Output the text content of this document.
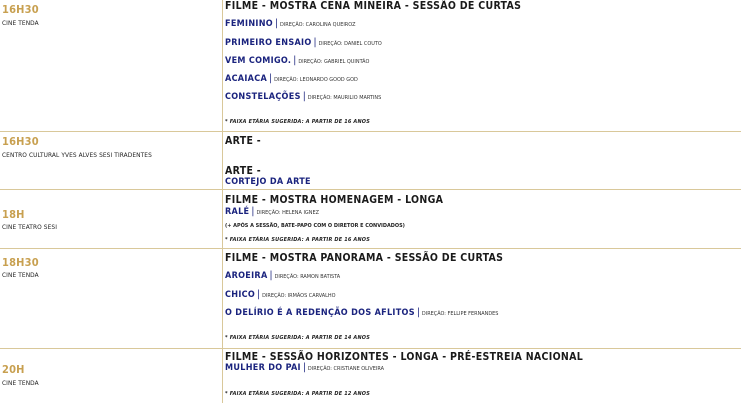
16H30
CINE TENDA
FILME - MOSTRA CENA MINEIRA - SESSÃO DE CURTAS
FEMININO | DIREÇÃO: CAROLINA QUEIROZ
PRIMEIRO ENSAIO | DIREÇÃO: DANIEL COUTO
VEM COMIGO. | DIREÇÃO: GABRIEL QUINTÃO
ACAIACA | DIREÇÃO: LEONARDO GOOD GOD
CONSTELAÇÕES | DIREÇÃO: MAURILIO MARTINS
* FAIXA ETÁRIA SUGERIDA: A PARTIR DE 16 ANOS
16H30
CENTRO CULTURAL YVES ALVES SESI TIRADENTES
ARTE -
ARTE -
CORTEJO DA ARTE
18H
CINE TEATRO SESI
FILME - MOSTRA HOMENAGEM - LONGA
RALÉ | DIREÇÃO: HELENA IGNEZ
(+ APÓS A SESSÃO, BATE-PAPO COM O DIRETOR E CONVIDADOS)
* FAIXA ETÁRIA SUGERIDA: A PARTIR DE 16 ANOS
18H30
CINE TENDA
FILME - MOSTRA PANORAMA - SESSÃO DE CURTAS
AROEIRA | DIREÇÃO: RAMON BATISTA
CHICO | DIREÇÃO: IRMÃOS CARVALHO
O DELÍRIO É A REDENÇÃO DOS AFLITOS | DIREÇÃO: FELLIPE FERNANDES
* FAIXA ETÁRIA SUGERIDA: A PARTIR DE 14 ANOS
20H
CINE TENDA
FILME - SESSÃO HORIZONTES - LONGA - PRÉ-ESTREIA NACIONAL
MULHER DO PAI | DIREÇÃO: CRISTIANE OLIVEIRA
* FAIXA ETÁRIA SUGERIDA: A PARTIR DE 12 ANOS
